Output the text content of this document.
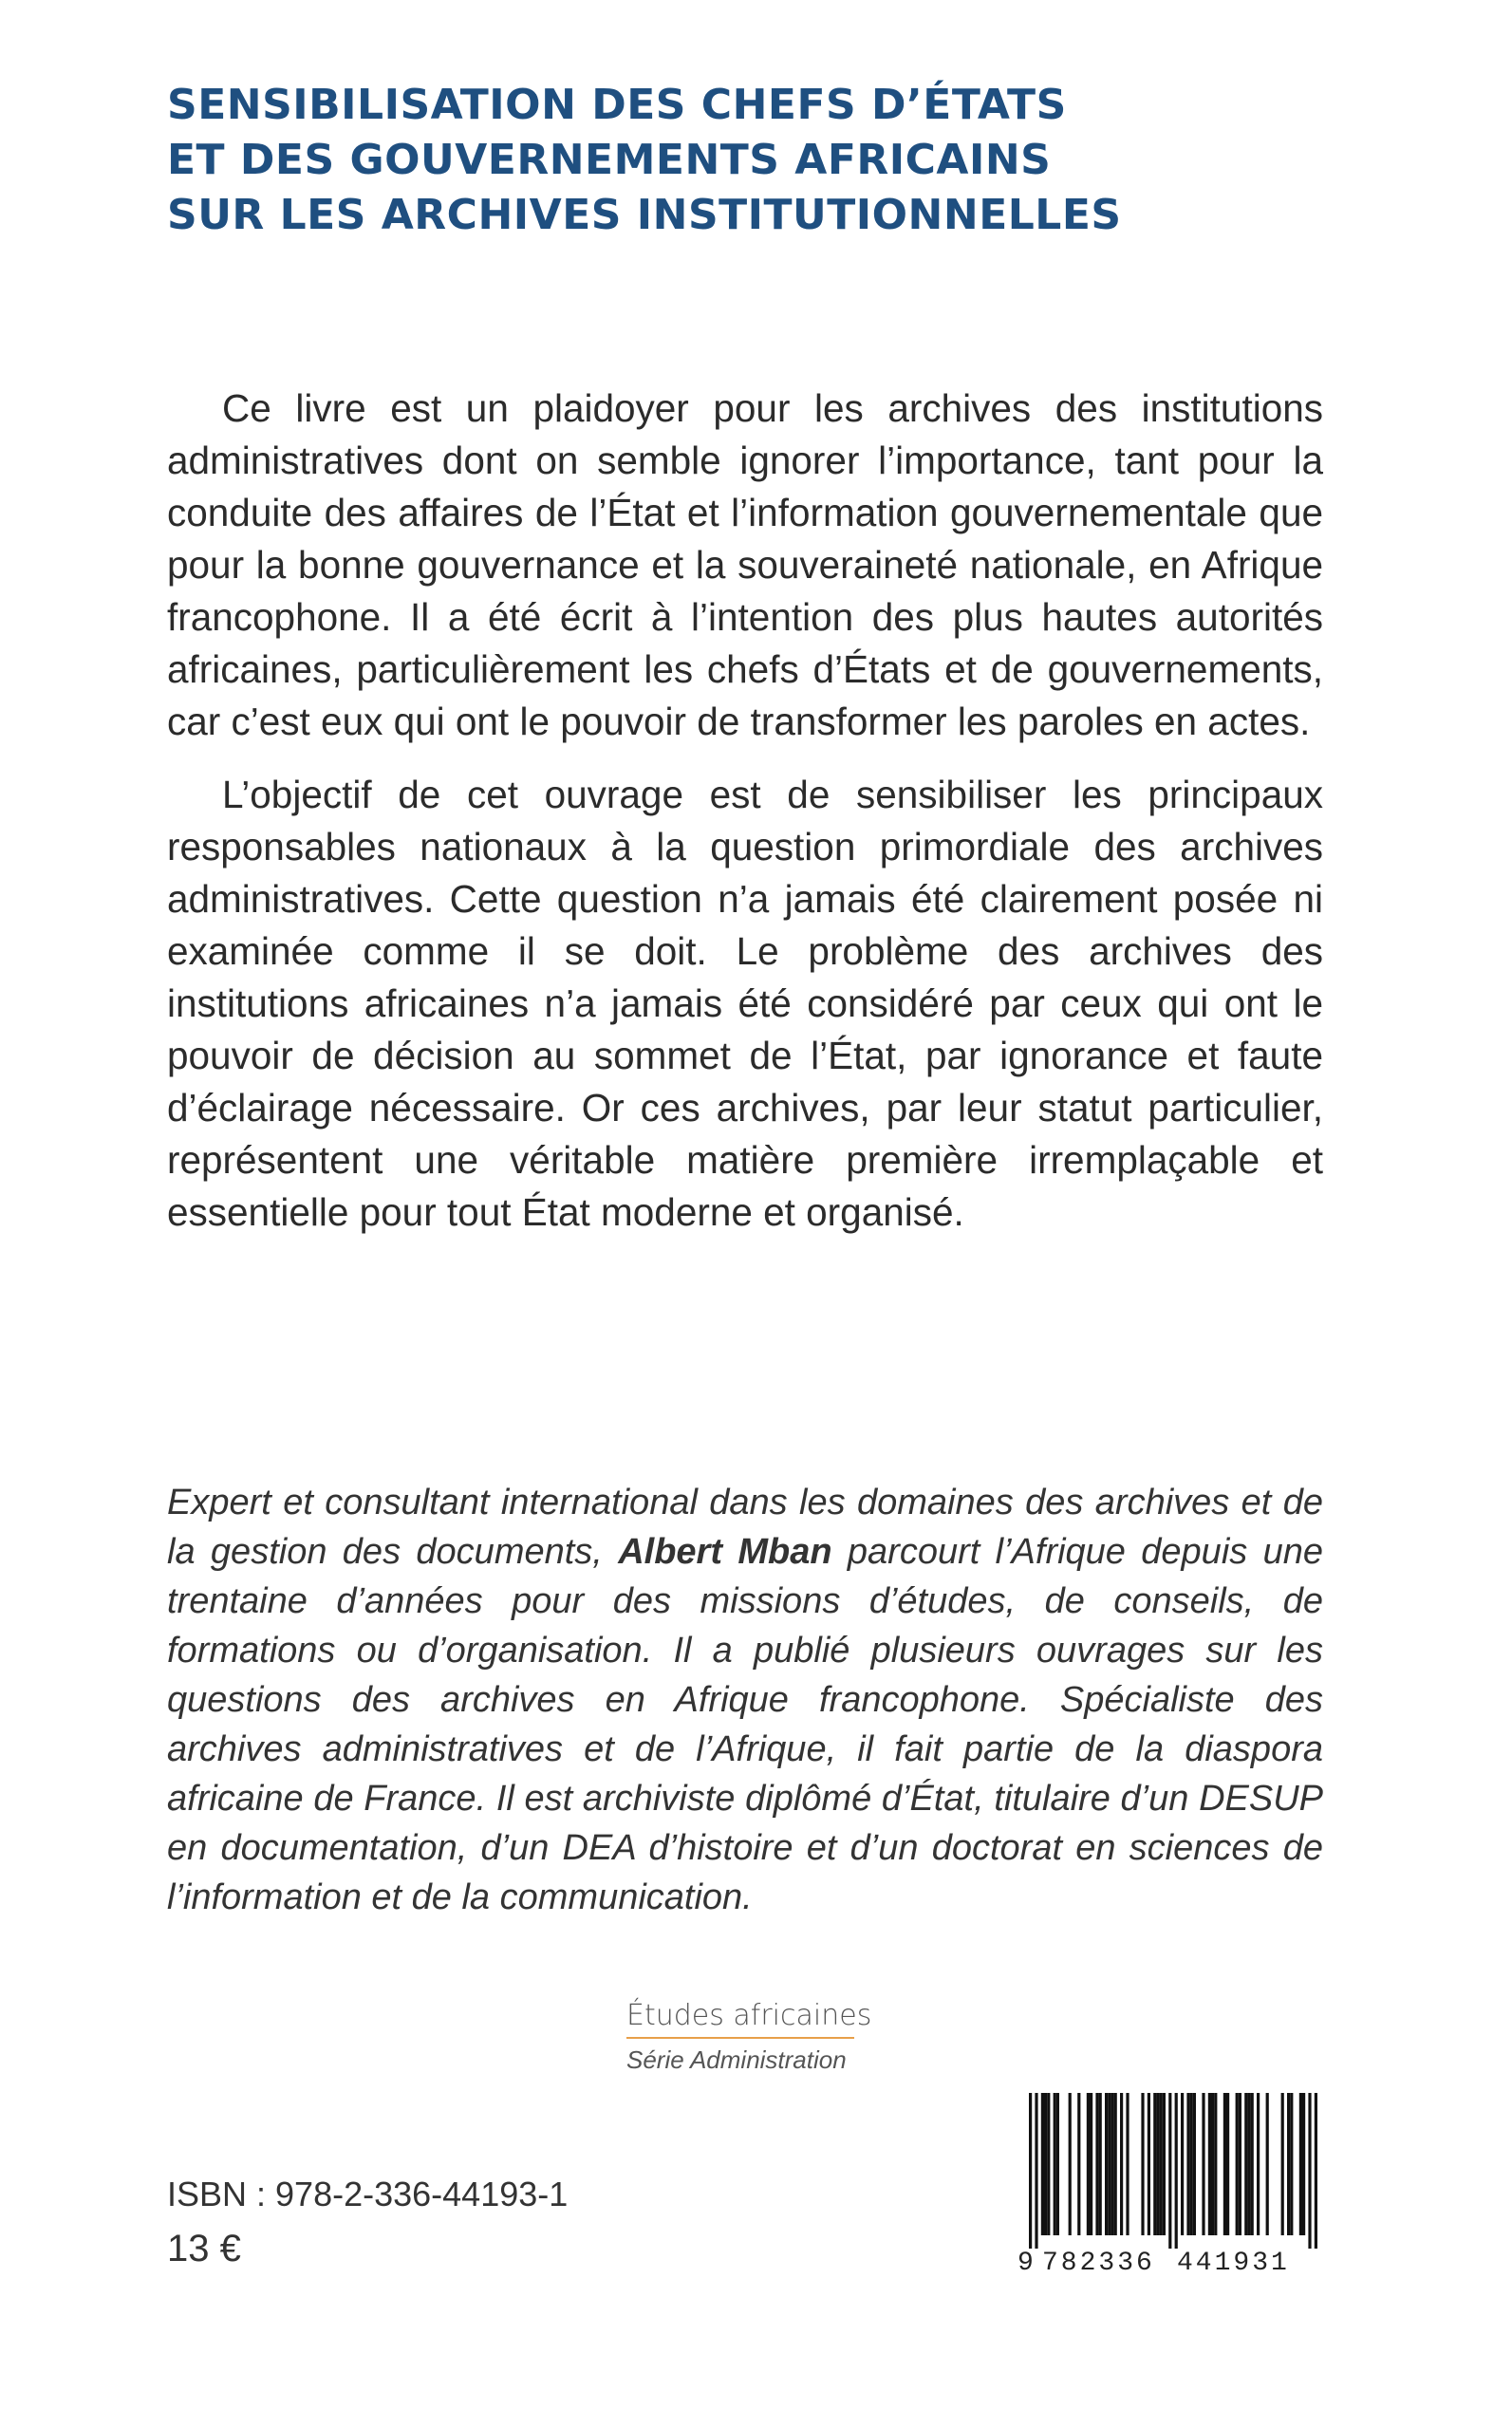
SENSIBILISATION DES CHEFS D’ÉTATS
ET DES GOUVERNEMENTS AFRICAINS
SUR LES ARCHIVES INSTITUTIONNELLES

Ce livre est un plaidoyer pour les archives des institutions administratives dont on semble ignorer l’importance, tant pour la conduite des affaires de l’État et l’information gouvernementale que pour la bonne gouvernance et la souveraineté nationale, en Afrique francophone. Il a été écrit à l’intention des plus hautes autorités africaines, particulièrement les chefs d’États et de gouvernements, car c’est eux qui ont le pouvoir de transformer les paroles en actes.

L’objectif de cet ouvrage est de sensibiliser les principaux responsables nationaux à la question primordiale des archives administratives. Cette question n’a jamais été clairement posée ni examinée comme il se doit. Le problème des archives des institutions africaines n’a jamais été considéré par ceux qui ont le pouvoir de décision au sommet de l’État, par ignorance et faute d’éclairage nécessaire. Or ces archives, par leur statut particulier, représentent une véritable matière première irremplaçable et essentielle pour tout État moderne et organisé.

Expert et consultant international dans les domaines des archives et de la gestion des documents, Albert Mban parcourt l’Afrique depuis une trentaine d’années pour des missions d’études, de conseils, de formations ou d’organisation. Il a publié plusieurs ouvrages sur les questions des archives en Afrique francophone. Spécialiste des archives administratives et de l’Afrique, il fait partie de la diaspora africaine de France. Il est archiviste diplômé d’État, titulaire d’un DESUP en documentation, d’un DEA d’histoire et d’un doctorat en sciences de l’information et de la communication.
Études africaines
Série Administration
ISBN : 978-2-336-44193-1
13 €	9 782336 441931
